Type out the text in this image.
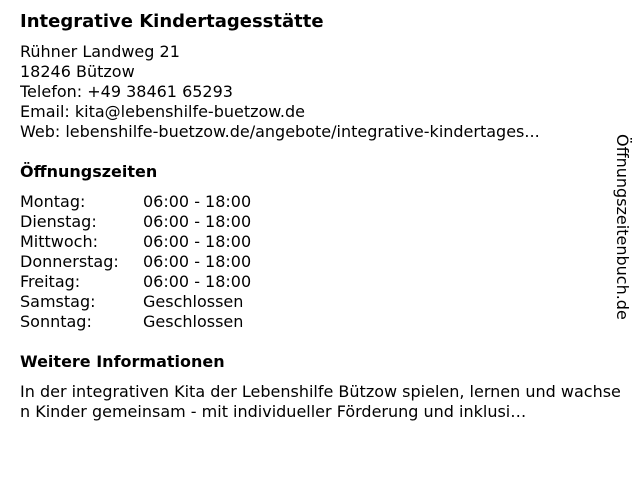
Integrative Kindertagesstätte
Rühner Landweg 21
18246 Bützow
Telefon: +49 38461 65293
Email: kita@lebenshilfe-buetzow.de
Web: lebenshilfe-buetzow.de/angebote/integrative-kindertages...
Öffnungszeiten
Montag:	06:00 - 18:00
Dienstag:	06:00 - 18:00
Mittwoch:	06:00 - 18:00
Donnerstag:	06:00 - 18:00
Freitag:	06:00 - 18:00
Samstag:	Geschlossen
Sonntag:	Geschlossen
Weitere Informationen
In der integrativen Kita der Lebenshilfe Bützow spielen, lernen und wachsen Kinder gemeinsam - mit individueller Förderung und inklusi…
Öffnungszeitenbuch.de
